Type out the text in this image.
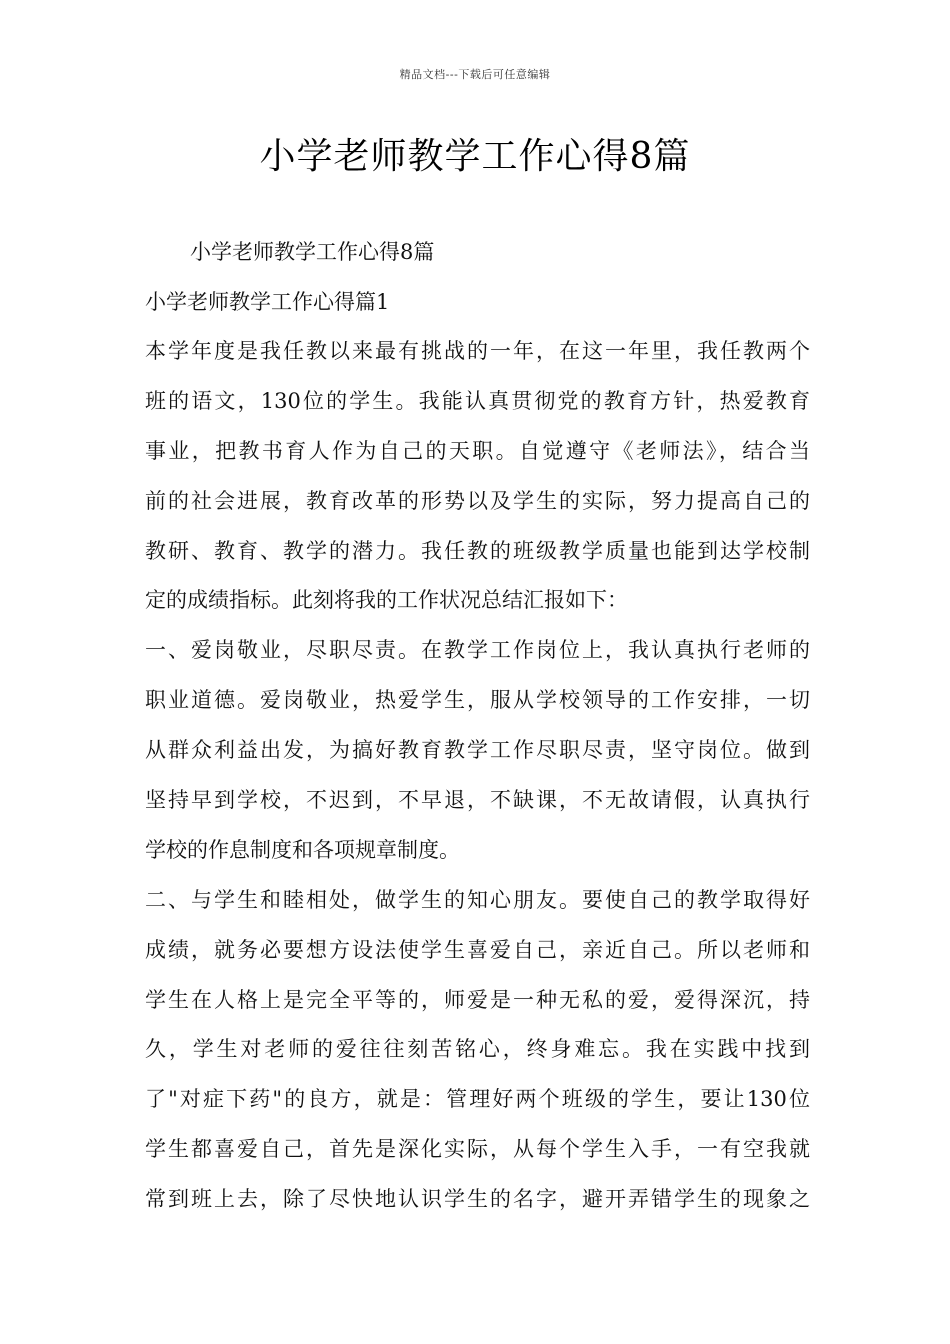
精品文档---下载后可任意编辑
小学老师教学工作心得8篇

小学老师教学工作心得8篇

小学老师教学工作心得篇1

本学年度是我任教以来最有挑战的一年，在这一年里，我任教两个
班的语文，130位的学生。我能认真贯彻党的教育方针，热爱教育
事业，把教书育人作为自己的天职。自觉遵守《老师法》，结合当
前的社会进展，教育改革的形势以及学生的实际，努力提高自己的
教研、教育、教学的潜力。我任教的班级教学质量也能到达学校制
定的成绩指标。此刻将我的工作状况总结汇报如下：
一、爱岗敬业，尽职尽责。在教学工作岗位上，我认真执行老师的
职业道德。爱岗敬业，热爱学生，服从学校领导的工作安排，一切
从群众利益出发，为搞好教育教学工作尽职尽责，坚守岗位。做到
坚持早到学校，不迟到，不早退，不缺课，不无故请假，认真执行
学校的作息制度和各项规章制度。
二、与学生和睦相处，做学生的知心朋友。要使自己的教学取得好
成绩，就务必要想方设法使学生喜爱自己，亲近自己。所以老师和
学生在人格上是完全平等的，师爱是一种无私的爱，爱得深沉，持
久，学生对老师的爱往往刻苦铭心，终身难忘。我在实践中找到
了"对症下药"的良方，就是：管理好两个班级的学生，要让130位
学生都喜爱自己，首先是深化实际，从每个学生入手，一有空我就
常到班上去，除了尽快地认识学生的名字，避开弄错学生的现象之
